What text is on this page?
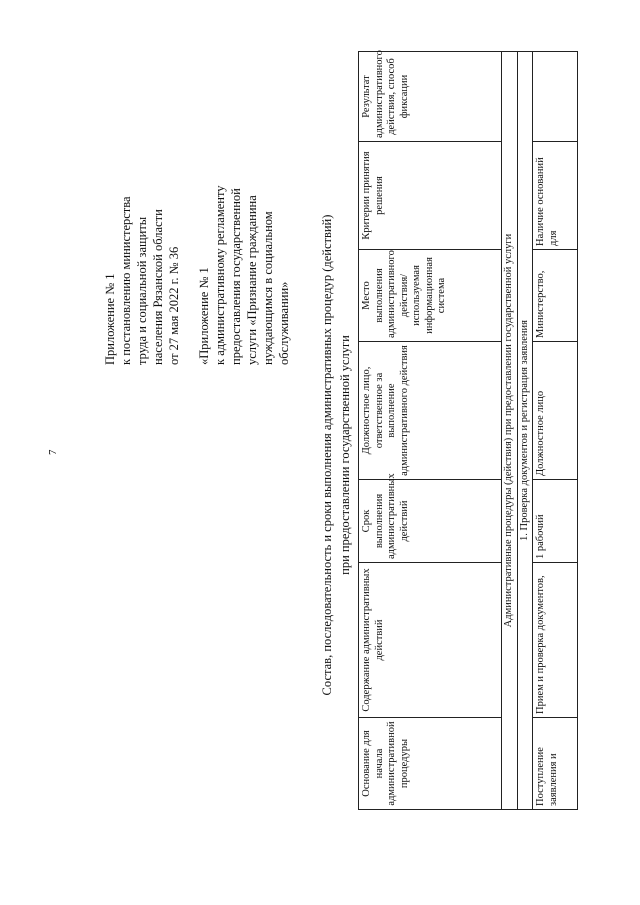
7
Приложение № 1 к постановлению министерства труда и социальной защиты населения Рязанской области от 27 мая 2022 г. № 36 «Приложение № 1 к административному регламенту предоставления государственной услуги «Признание гражданина нуждающимся в социальном обслуживании» Состав, последовательность и сроки выполнения административных процедур (действий) при предоставлении государственной услуги
Основание для начала административной процедуры	Содержание административных действий	Срок выполнения административных действий	Должностное лицо, ответственное за выполнение административного действия	Место выполнения административного действия/используемая информационная система	Критерии принятия решения	Результат административного действия, способ фиксации
Административные процедуры (действия) при предоставлении государственной услуги						
1. Проверка документов и регистрация заявления						
Поступление заявления и	Прием и проверка документов,	1 рабочий	Должностное лицо	Министерство,	Наличие оснований для	
